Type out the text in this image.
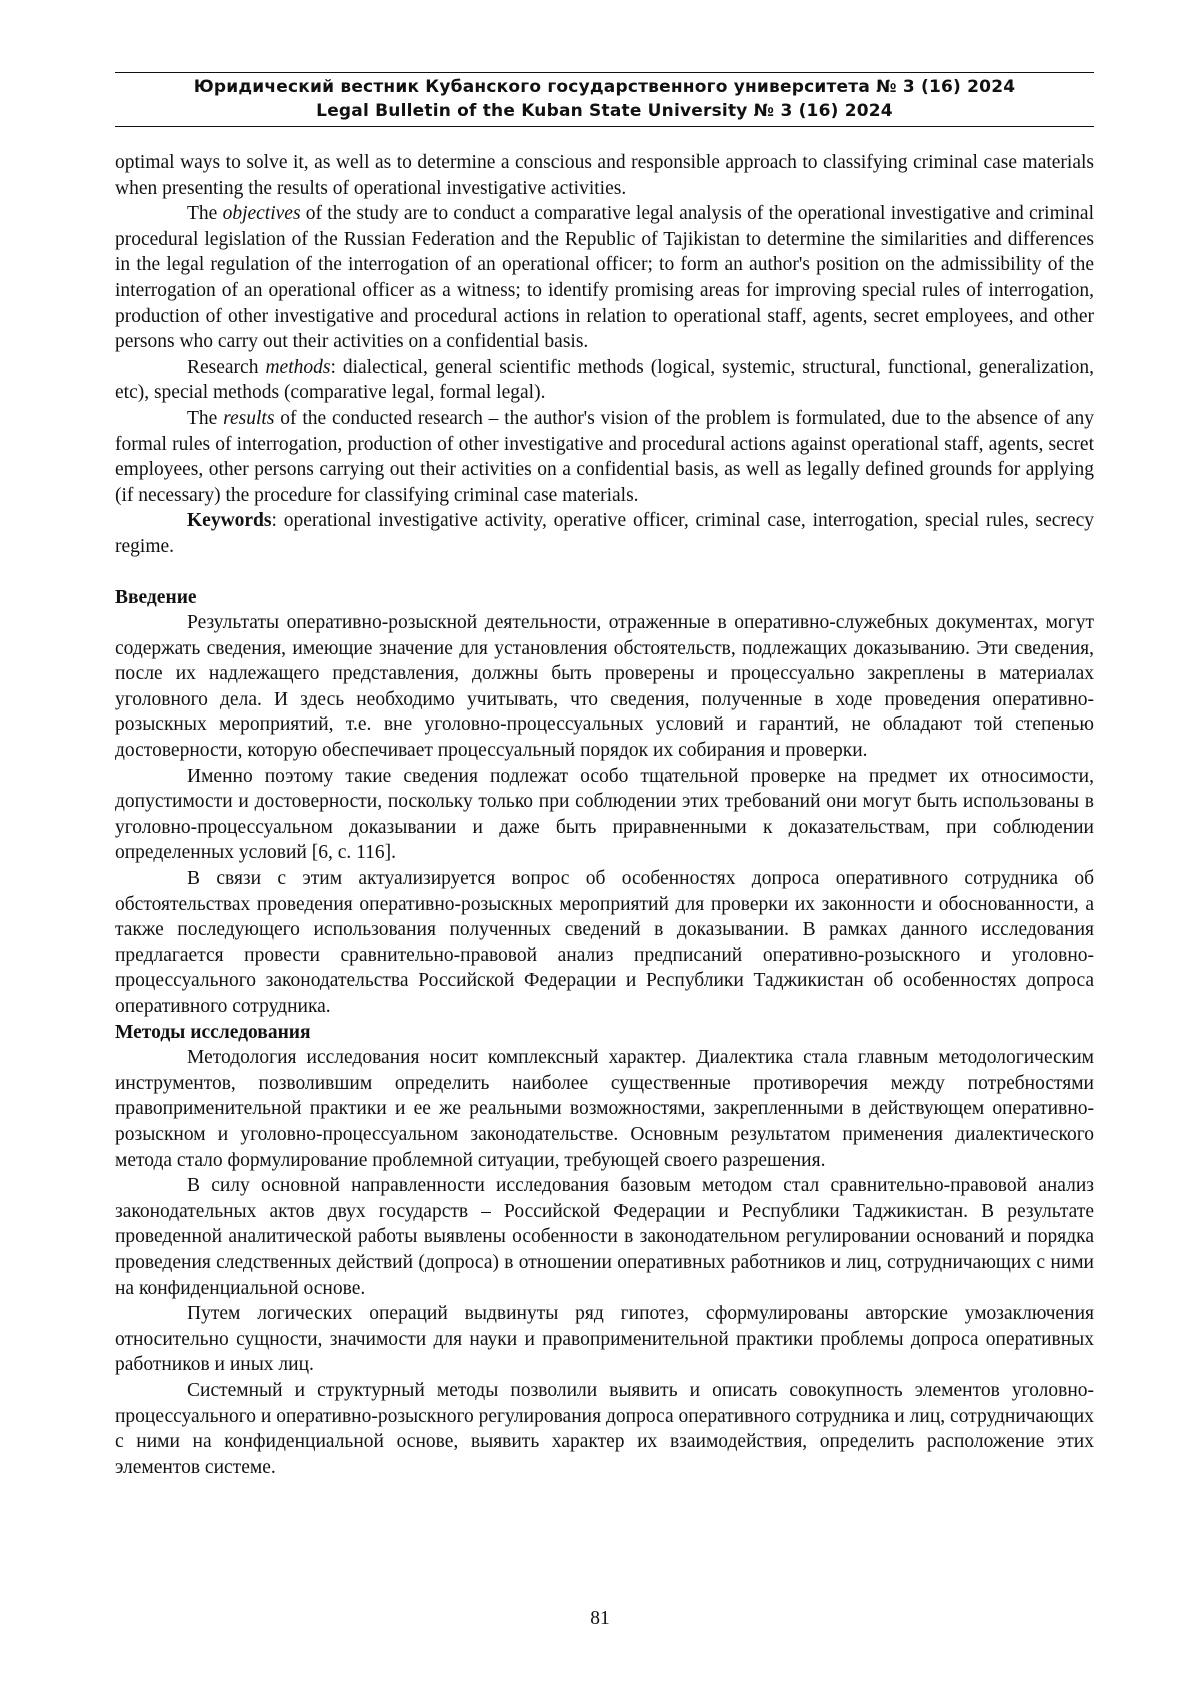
Юридический вестник Кубанского государственного университета № 3 (16) 2024
Legal Bulletin of the Kuban State University № 3 (16) 2024

optimal ways to solve it, as well as to determine a conscious and responsible approach to classifying criminal case materials when presenting the results of operational investigative activities.

The objectives of the study are to conduct a comparative legal analysis of the operational investigative and criminal procedural legislation of the Russian Federation and the Republic of Tajikistan to determine the similarities and differences in the legal regulation of the interrogation of an operational officer; to form an author's position on the admissibility of the interrogation of an operational officer as a witness; to identify promising areas for improving special rules of interrogation, production of other investigative and procedural actions in relation to operational staff, agents, secret employees, and other persons who carry out their activities on a confidential basis.

Research methods: dialectical, general scientific methods (logical, systemic, structural, functional, generalization, etc), special methods (comparative legal, formal legal).

The results of the conducted research – the author's vision of the problem is formulated, due to the absence of any formal rules of interrogation, production of other investigative and procedural actions against operational staff, agents, secret employees, other persons carrying out their activities on a confidential basis, as well as legally defined grounds for applying (if necessary) the procedure for classifying criminal case materials.

Keywords: operational investigative activity, operative officer, criminal case, interrogation, special rules, secrecy regime.

Введение

Результаты оперативно-розыскной деятельности, отраженные в оперативно-служебных документах, могут содержать сведения, имеющие значение для установления обстоятельств, подлежащих доказыванию. Эти сведения, после их надлежащего представления, должны быть проверены и процессуально закреплены в материалах уголовного дела. И здесь необходимо учитывать, что сведения, полученные в ходе проведения оперативно-розыскных мероприятий, т.е. вне уголовно-процессуальных условий и гарантий, не обладают той степенью достоверности, которую обеспечивает процессуальный порядок их собирания и проверки.

Именно поэтому такие сведения подлежат особо тщательной проверке на предмет их относимости, допустимости и достоверности, поскольку только при соблюдении этих требований они могут быть использованы в уголовно-процессуальном доказывании и даже быть приравненными к доказательствам, при соблюдении определенных условий [6, с. 116].

В связи с этим актуализируется вопрос об особенностях допроса оперативного сотрудника об обстоятельствах проведения оперативно-розыскных мероприятий для проверки их законности и обоснованности, а также последующего использования полученных сведений в доказывании. В рамках данного исследования предлагается провести сравнительно-правовой анализ предписаний оперативно-розыскного и уголовно-процессуального законодательства Российской Федерации и Республики Таджикистан об особенностях допроса оперативного сотрудника.

Методы исследования

Методология исследования носит комплексный характер. Диалектика стала главным методологическим инструментов, позволившим определить наиболее существенные противоречия между потребностями правоприменительной практики и ее же реальными возможностями, закрепленными в действующем оперативно-розыскном и уголовно-процессуальном законодательстве. Основным результатом применения диалектического метода стало формулирование проблемной ситуации, требующей своего разрешения.

В силу основной направленности исследования базовым методом стал сравнительно-правовой анализ законодательных актов двух государств – Российской Федерации и Республики Таджикистан. В результате проведенной аналитической работы выявлены особенности в законодательном регулировании оснований и порядка проведения следственных действий (допроса) в отношении оперативных работников и лиц, сотрудничающих с ними на конфиденциальной основе.

Путем логических операций выдвинуты ряд гипотез, сформулированы авторские умозаключения относительно сущности, значимости для науки и правоприменительной практики проблемы допроса оперативных работников и иных лиц.

Системный и структурный методы позволили выявить и описать совокупность элементов уголовно-процессуального и оперативно-розыскного регулирования допроса оперативного сотрудника и лиц, сотрудничающих с ними на конфиденциальной основе, выявить характер их взаимодействия, определить расположение этих элементов системе.

81
